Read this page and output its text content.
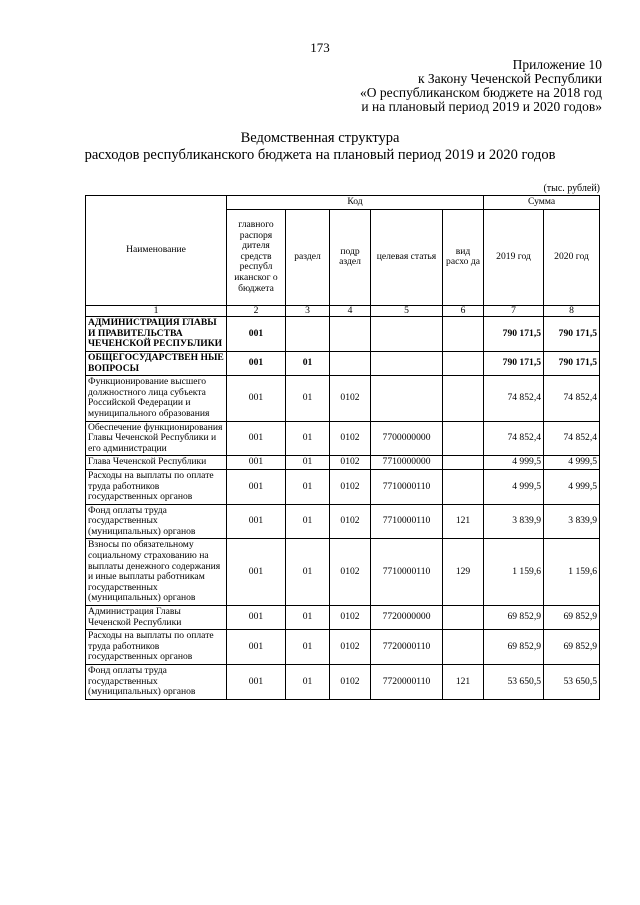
173
Приложение 10
к Закону Чеченской Республики
«О республиканском бюджете на 2018 год
и на плановый период 2019 и 2020 годов»
Ведомственная структура
расходов республиканского бюджета на плановый период 2019 и 2020 годов
(тыс. рублей)
Наименование	Код					Сумма	
	главного распоря дителя средств республ иканског о бюджета	раздел	подр аздел	целевая статья	вид расхо да	2019 год	2020 год
1	2	3	4	5	6	7	8
АДМИНИСТРАЦИЯ ГЛАВЫ И ПРАВИТЕЛЬСТВА ЧЕЧЕНСКОЙ РЕСПУБЛИКИ	001					790 171,5	790 171,5
ОБЩЕГОСУДАРСТВЕН НЫЕ ВОПРОСЫ	001	01				790 171,5	790 171,5
Функционирование высшего должностного лица субъекта Российской Федерации и муниципального образования	001	01	0102			74 852,4	74 852,4
Обеспечение функционирования Главы Чеченской Республики и его администрации	001	01	0102	7700000000		74 852,4	74 852,4
Глава Чеченской Республики	001	01	0102	7710000000		4 999,5	4 999,5
Расходы на выплаты по оплате труда работников государственных органов	001	01	0102	7710000110		4 999,5	4 999,5
Фонд оплаты труда государственных (муниципальных) органов	001	01	0102	7710000110	121	3 839,9	3 839,9
Взносы по обязательному социальному страхованию на выплаты денежного содержания и иные выплаты работникам государственных (муниципальных) органов	001	01	0102	7710000110	129	1 159,6	1 159,6
Администрация Главы Чеченской Республики	001	01	0102	7720000000		69 852,9	69 852,9
Расходы на выплаты по оплате труда работников государственных органов	001	01	0102	7720000110		69 852,9	69 852,9
Фонд оплаты труда государственных (муниципальных) органов	001	01	0102	7720000110	121	53 650,5	53 650,5
